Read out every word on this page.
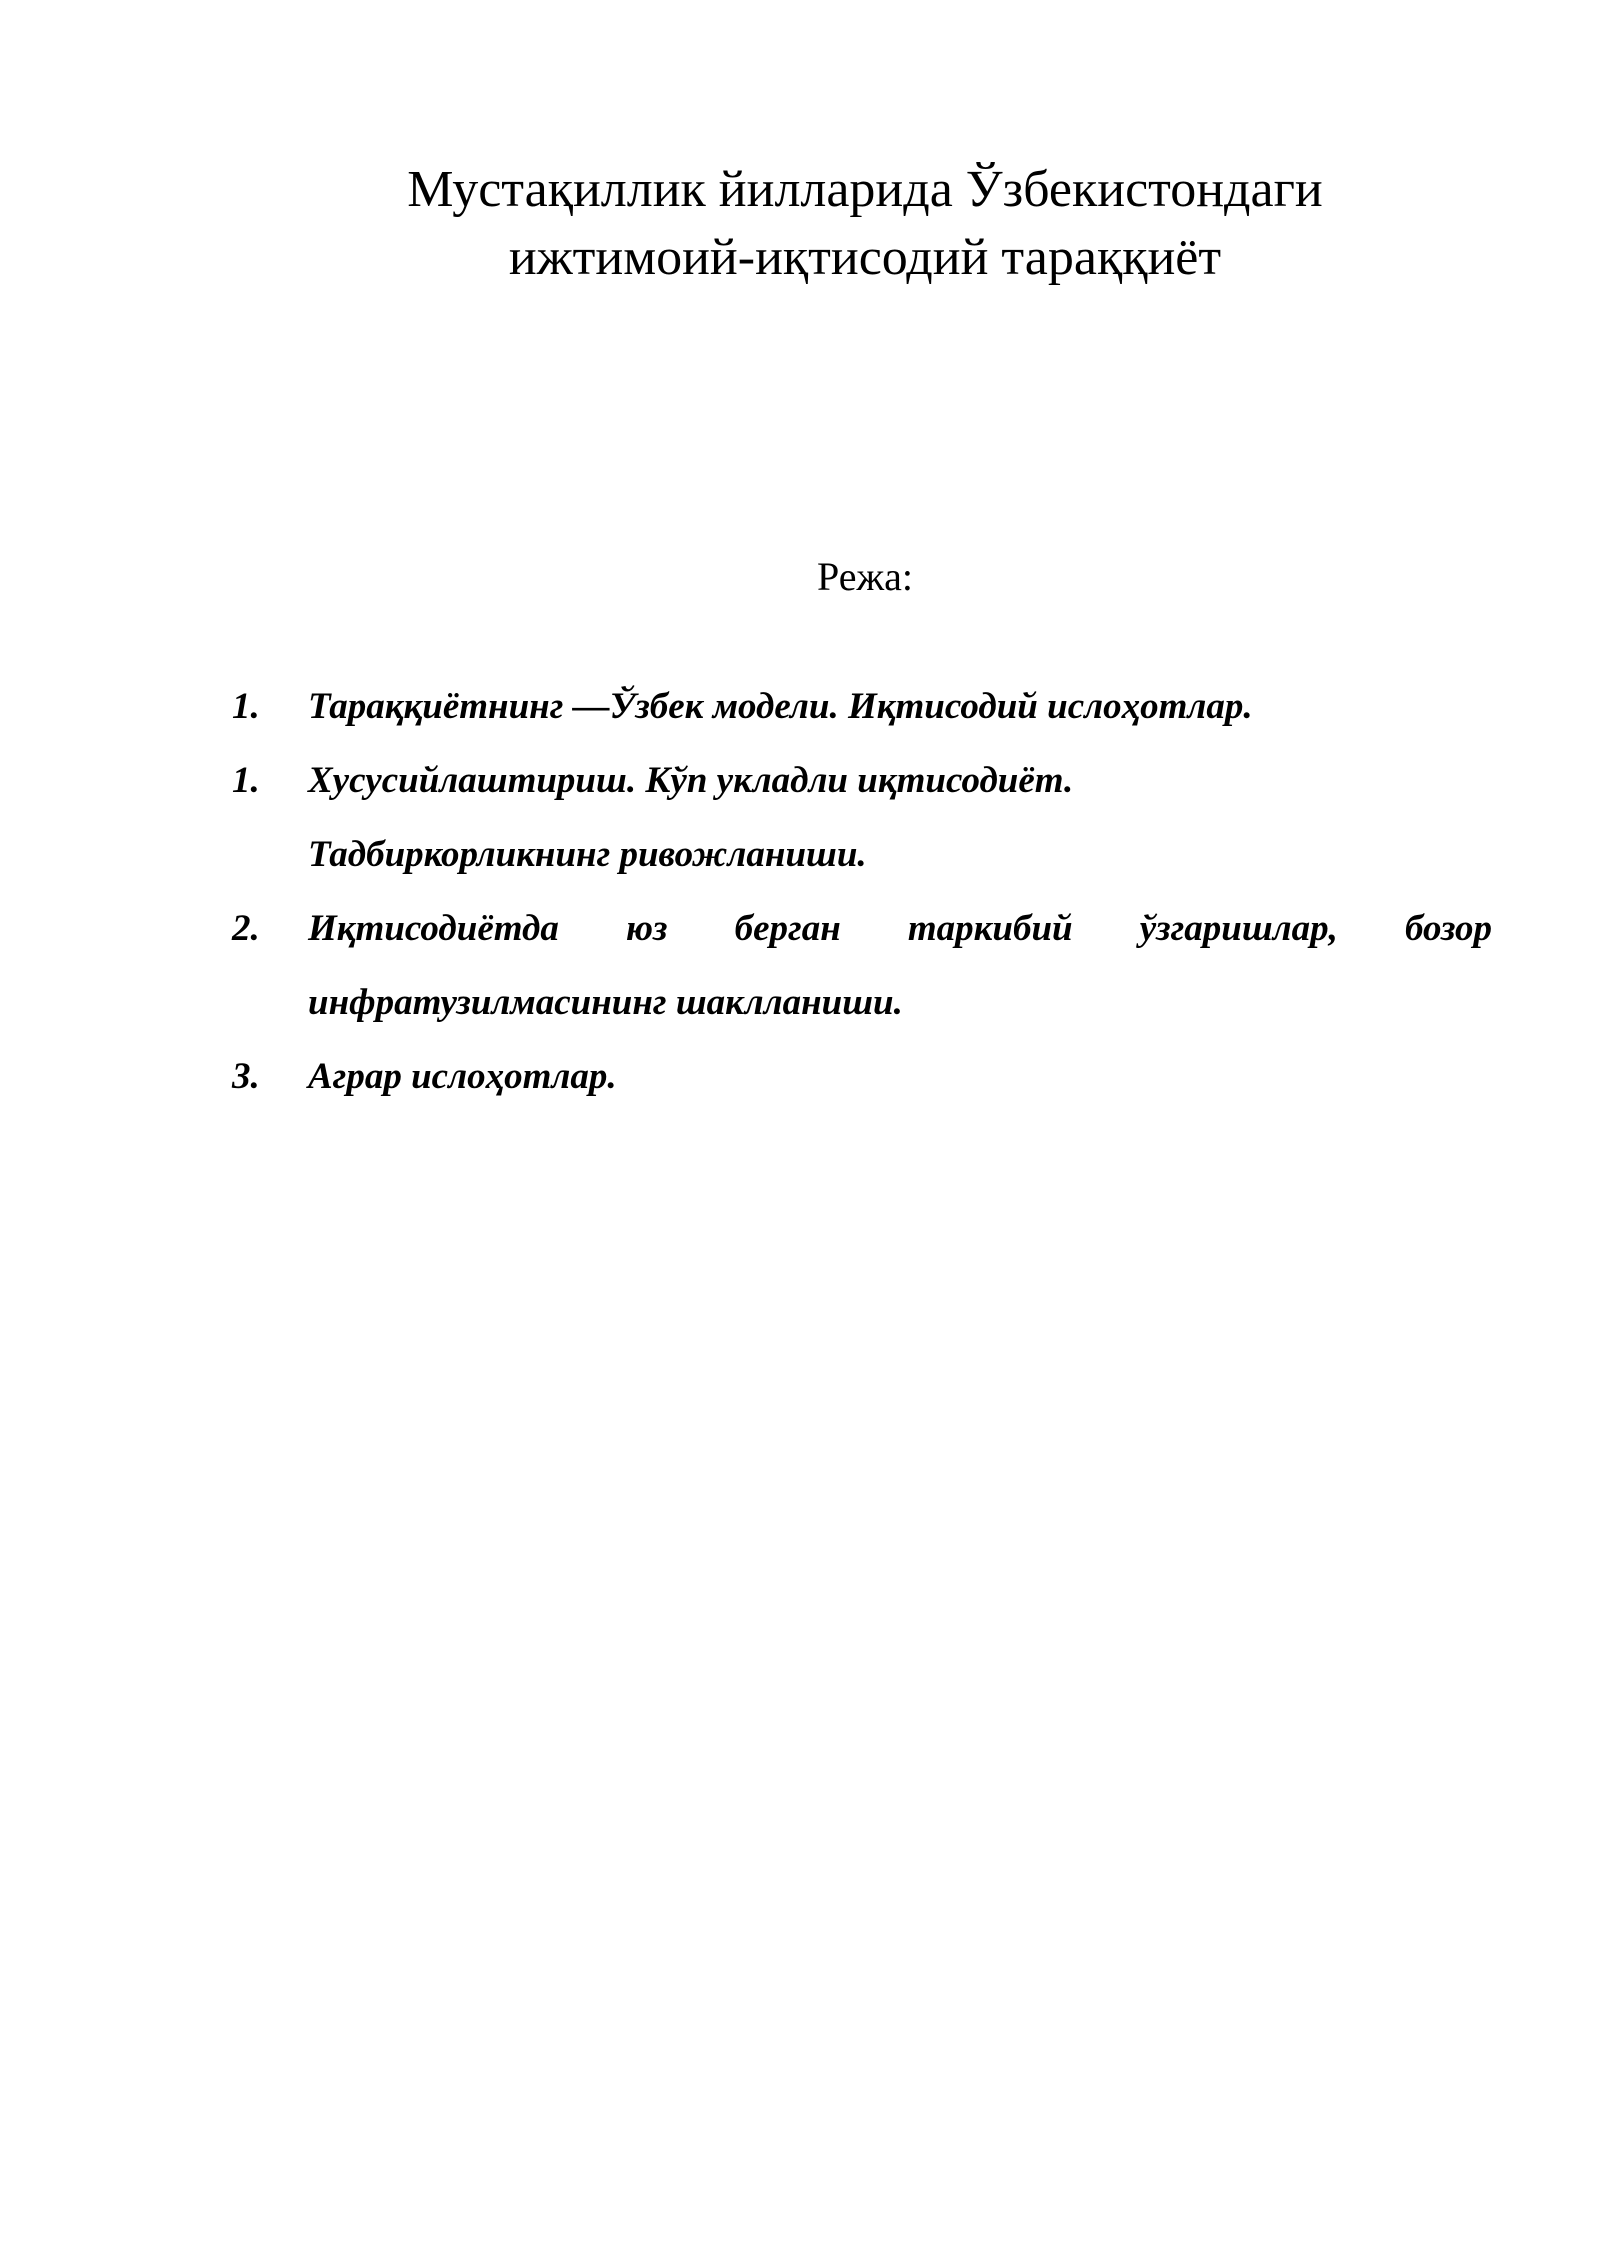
Мустақиллик йилларида Ўзбекистондаги
ижтимоий-иқтисодий тараққиёт

Режа:

1. Тараққиётнинг ―Ўзбек модели. Иқтисодий ислоҳотлар.
1. Хусусийлаштириш. Кўп укладли иқтисодиёт. Тадбиркорликнинг ривожланиши.
2. Иқтисодиётда юз берган таркибий ўзгаришлар, бозор инфратузилмасининг шаклланиши.
3. Аграр ислоҳотлар.
